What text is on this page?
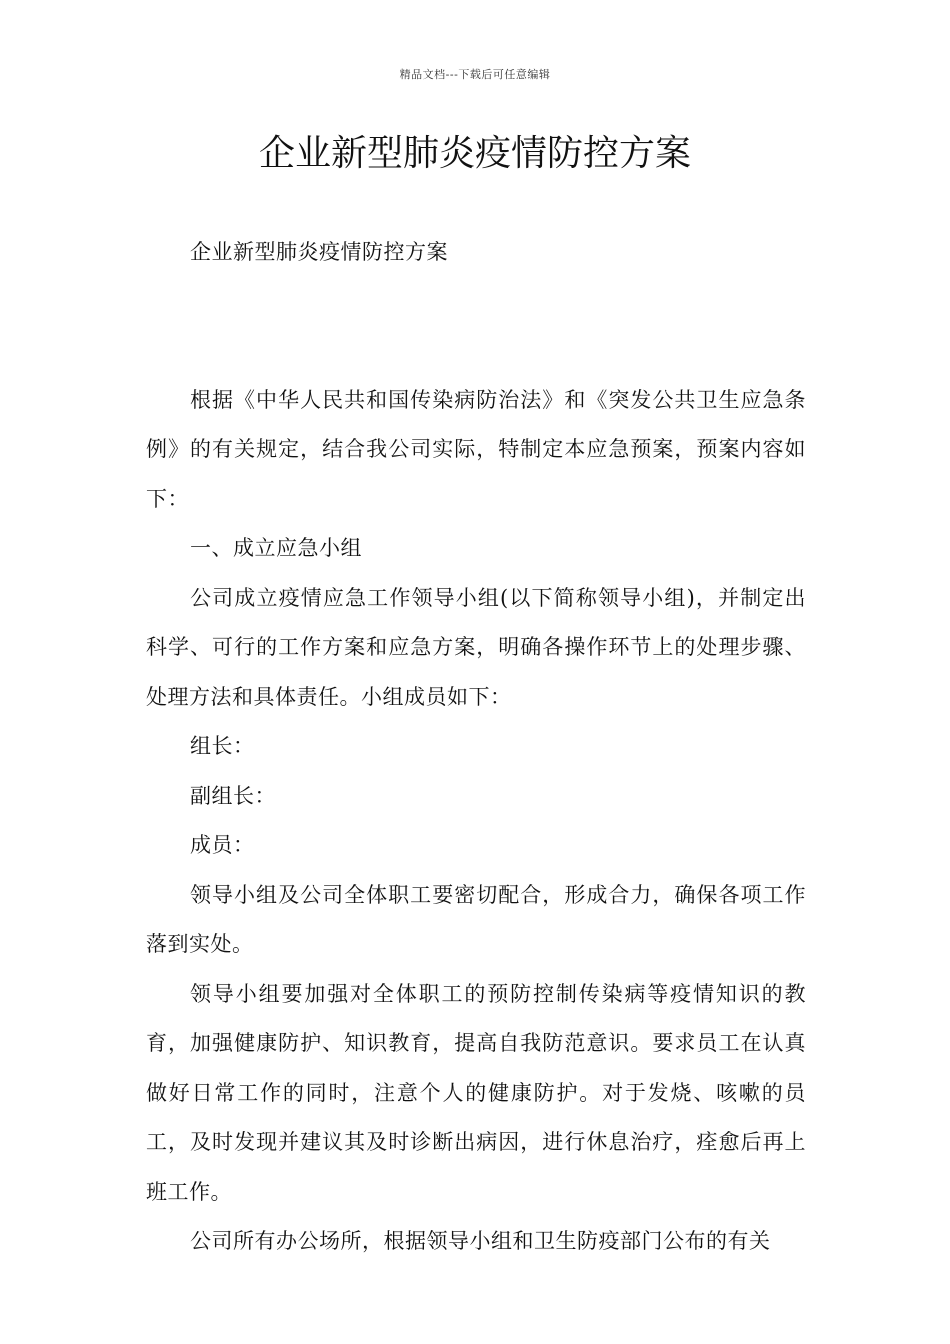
精品文档---下载后可任意编辑
企业新型肺炎疫情防控方案

企业新型肺炎疫情防控方案

根据《中华人民共和国传染病防治法》和《突发公共卫生应急条例》的有关规定，结合我公司实际，特制定本应急预案，预案内容如下：

一、成立应急小组

公司成立疫情应急工作领导小组(以下简称领导小组)，并制定出科学、可行的工作方案和应急方案，明确各操作环节上的处理步骤、处理方法和具体责任。小组成员如下：

组长：

副组长：

成员：

领导小组及公司全体职工要密切配合，形成合力，确保各项工作落到实处。

领导小组要加强对全体职工的预防控制传染病等疫情知识的教育，加强健康防护、知识教育，提高自我防范意识。要求员工在认真做好日常工作的同时，注意个人的健康防护。对于发烧、咳嗽的员工，及时发现并建议其及时诊断出病因，进行休息治疗，痊愈后再上班工作。

公司所有办公场所，根据领导小组和卫生防疫部门公布的有关
